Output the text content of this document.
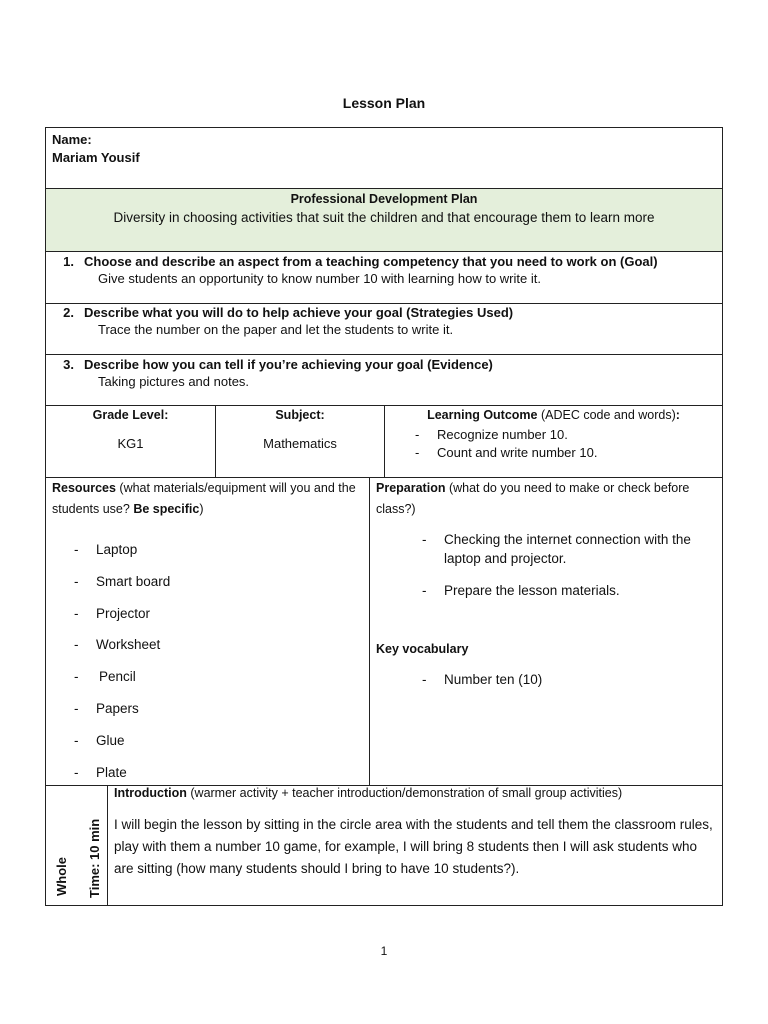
Lesson Plan
Name:
Mariam Yousif
Professional Development Plan
Diversity in choosing activities that suit the children and that encourage them to learn more
1. Choose and describe an aspect from a teaching competency that you need to work on (Goal)
Give students an opportunity to know number 10 with learning how to write it.
2. Describe what you will do to help achieve your goal (Strategies Used)
Trace the number on the paper and let the students to write it.
3. Describe how you can tell if you’re achieving your goal (Evidence)
Taking pictures and notes.
Grade Level:
KG1
Subject:
Mathematics
Learning Outcome (ADEC code and words):
- Recognize number 10.
- Count and write number 10.
Resources (what materials/equipment will you and the students use? Be specific)
- Laptop
- Smart board
- Projector
- Worksheet
- Pencil
- Papers
- Glue
- Plate
Preparation (what do you need to make or check before class?)
- Checking the internet connection with the laptop and projector.
- Prepare the lesson materials.
Key vocabulary
- Number ten (10)
Whole Time: 10 min
Introduction (warmer activity + teacher introduction/demonstration of small group activities)
I will begin the lesson by sitting in the circle area with the students and tell them the classroom rules, play with them a number 10 game, for example, I will bring 8 students then I will ask students who are sitting (how many students should I bring to have 10 students?).
1
